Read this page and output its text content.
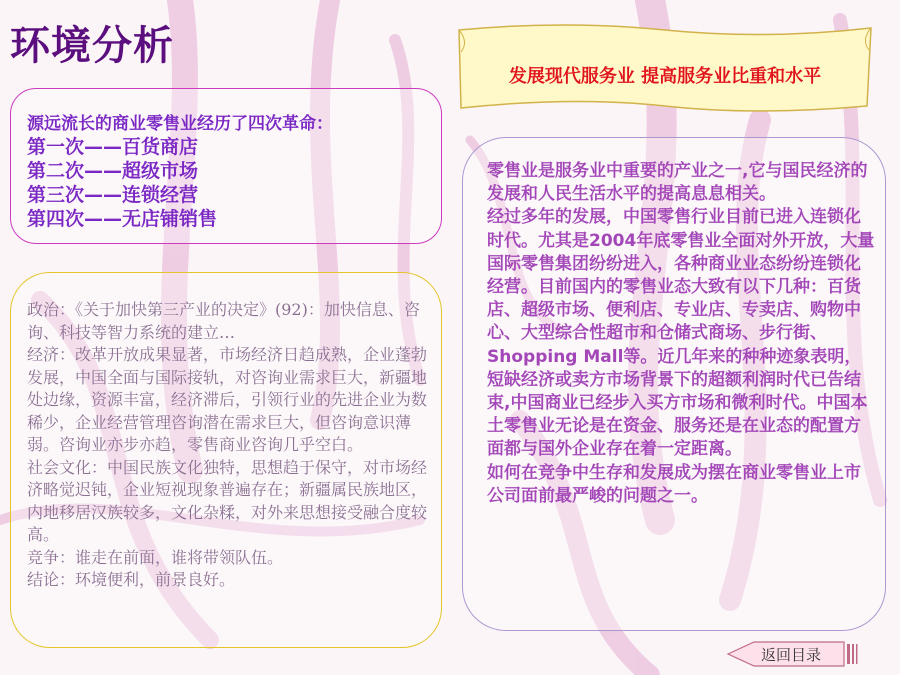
环境分析
发展现代服务业 提高服务业比重和水平
源远流长的商业零售业经历了四次革命：
第一次——百货商店
第二次——超级市场
第三次——连锁经营
第四次——无店铺销售
政治：《关于加快第三产业的决定》(92)：加快信息、咨询、科技等智力系统的建立…
经济：改革开放成果显著，市场经济日趋成熟，企业蓬勃发展，中国全面与国际接轨，对咨询业需求巨大，新疆地处边缘，资源丰富，经济滞后，引领行业的先进企业为数稀少，企业经营管理咨询潜在需求巨大，但咨询意识薄弱。咨询业亦步亦趋，零售商业咨询几乎空白。
社会文化：中国民族文化独特，思想趋于保守，对市场经济略觉迟钝，企业短视现象普遍存在；新疆属民族地区，内地移居汉族较多，文化杂糅，对外来思想接受融合度较高。
竞争：谁走在前面，谁将带领队伍。
结论：环境便利，前景良好。
零售业是服务业中重要的产业之一,它与国民经济的发展和人民生活水平的提高息息相关。
经过多年的发展，中国零售行业目前已进入连锁化时代。尤其是2004年底零售业全面对外开放，大量国际零售集团纷纷进入，各种商业业态纷纷连锁化经营。目前国内的零售业态大致有以下几种：百货店、超级市场、便利店、专业店、专卖店、购物中心、大型综合性超市和仓储式商场、步行街、Shopping Mall等。近几年来的种种迹象表明，短缺经济或卖方市场背景下的超额利润时代已告结束,中国商业已经步入买方市场和微利时代。中国本土零售业无论是在资金、服务还是在业态的配置方面都与国外企业存在着一定距离。
如何在竞争中生存和发展成为摆在商业零售业上市公司面前最严峻的问题之一。
返回目录
